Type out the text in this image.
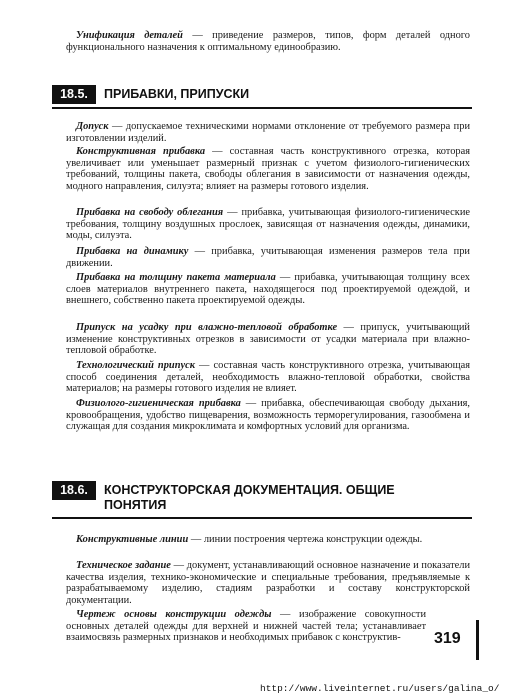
Унификация деталей — приведение размеров, типов, форм деталей одного функционального назначения к оптимальному единообразию.

18.5.	ПРИБАВКИ, ПРИПУСКИ

Допуск — допускаемое техническими нормами отклонение от требуемого размера при изготовлении изделий.

Конструктивная прибавка — составная часть конструктивного отрезка, которая увеличивает или уменьшает размерный признак с учетом физиолого-гигиенических требований, толщины пакета, свободы облегания в зависимости от назначения одежды, модного направления, силуэта; влияет на размеры готового изделия.

Прибавка на свободу облегания — прибавка, учитывающая физиолого-гигиенические требования, толщину воздушных прослоек, зависящая от назначения одежды, динамики, моды, силуэта.

Прибавка на динамику — прибавка, учитывающая изменения размеров тела при движении.

Прибавка на толщину пакета материала — прибавка, учитывающая толщину всех слоев материалов внутреннего пакета, находящегося под проектируемой одеждой, и внешнего, собственно пакета проектируемой одежды.

Припуск на усадку при влажно-тепловой обработке — припуск, учитывающий изменение конструктивных отрезков в зависимости от усадки материала при влажно-тепловой обработке.

Технологический припуск — составная часть конструктивного отрезка, учитывающая способ соединения деталей, необходимость влажно-тепловой обработки, свойства материалов; на размеры готового изделия не влияет.

Физиолого-гигиеническая прибавка — прибавка, обеспечивающая свободу дыхания, кровообращения, удобство пищеварения, возможность терморегулирования, газообмена и служащая для создания микроклимата и комфортных условий для организма.

18.6.	КОНСТРУКТОРСКАЯ ДОКУМЕНТАЦИЯ. ОБЩИЕ
ПОНЯТИЯ

Конструктивные линии — линии построения чертежа конструкции одежды.

Техническое задание — документ, устанавливающий основное назначение и показатели качества изделия, технико-экономические и специальные требования, предъявляемые к разрабатываемому изделию, стадиям разработки и составу конструкторской документации.

Чертеж основы конструкции одежды — изображение совокупности основных деталей одежды для верхней и нижней частей тела; устанавливает взаимосвязь размерных признаков и необходимых прибавок с конструктив-	319
http://www.liveinternet.ru/users/galina_o/
